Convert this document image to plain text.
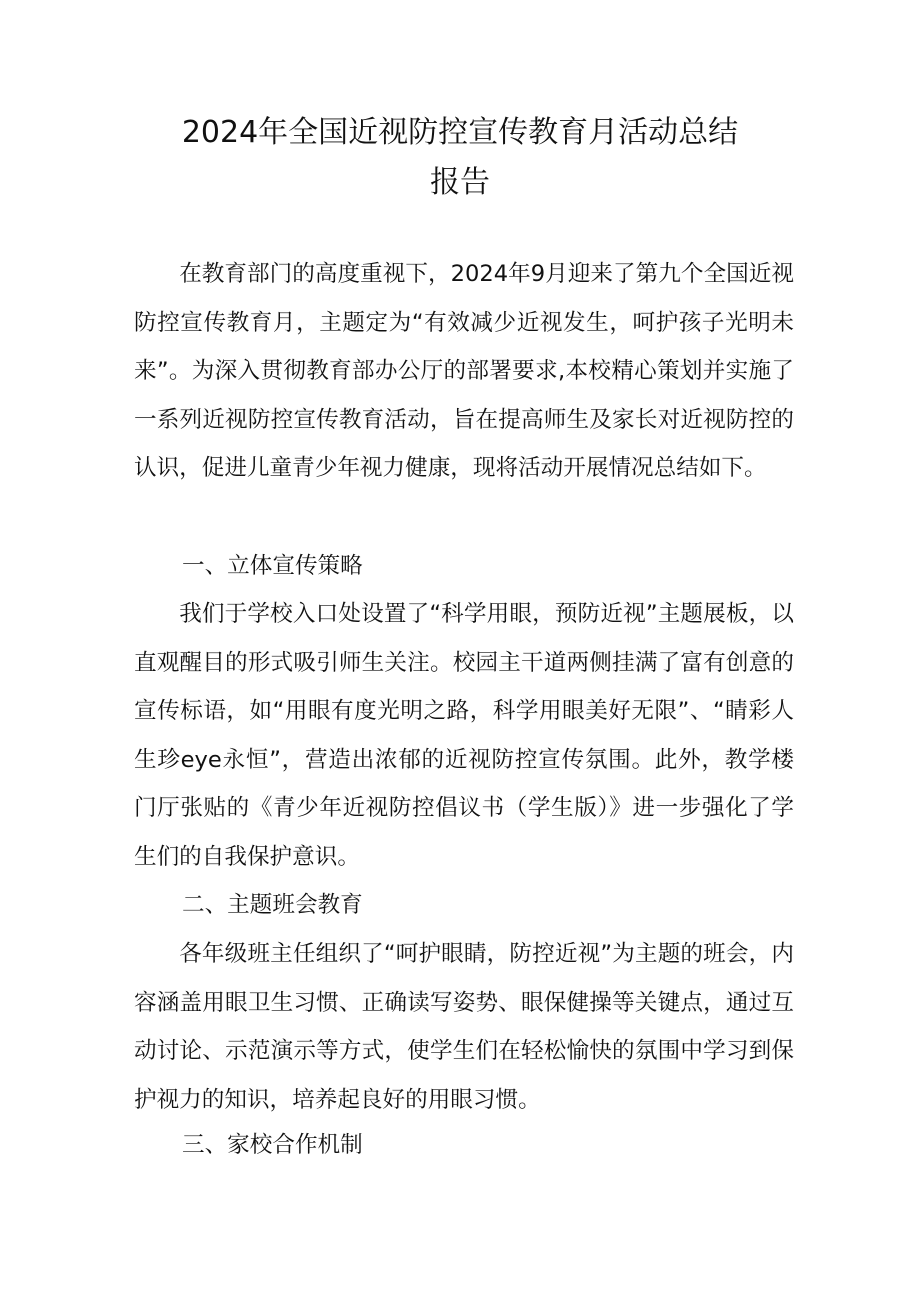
2024年全国近视防控宣传教育月活动总结
报告

在教育部门的高度重视下，2024年9月迎来了第九个全国近视防控宣传教育月，主题定为“有效减少近视发生，呵护孩子光明未来”。为深入贯彻教育部办公厅的部署要求,本校精心策划并实施了一系列近视防控宣传教育活动，旨在提高师生及家长对近视防控的认识，促进儿童青少年视力健康，现将活动开展情况总结如下。

一、立体宣传策略

我们于学校入口处设置了“科学用眼，预防近视”主题展板，以直观醒目的形式吸引师生关注。校园主干道两侧挂满了富有创意的宣传标语，如“用眼有度光明之路，科学用眼美好无限”、“睛彩人生珍eye永恒”，营造出浓郁的近视防控宣传氛围。此外，教学楼门厅张贴的《青少年近视防控倡议书（学生版）》进一步强化了学生们的自我保护意识。

二、主题班会教育

各年级班主任组织了“呵护眼睛，防控近视”为主题的班会，内容涵盖用眼卫生习惯、正确读写姿势、眼保健操等关键点，通过互动讨论、示范演示等方式，使学生们在轻松愉快的氛围中学习到保护视力的知识，培养起良好的用眼习惯。

三、家校合作机制
